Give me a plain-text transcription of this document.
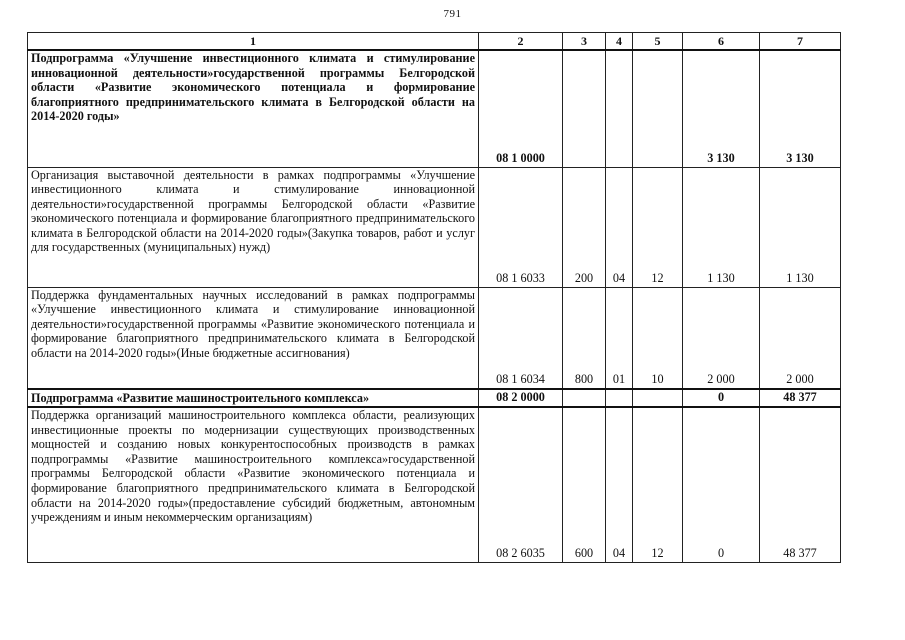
791
1	2	3	4	5	6	7
Подпрограмма «Улучшение инвестиционного климата и стимулирование инновационной деятельности»государственной программы Белгородской области «Развитие экономического потенциала и формирование благоприятного предпринимательского климата в Белгородской области на 2014-2020 годы»	08 1 0000				3 130	3 130
Организация выставочной деятельности в рамках подпрограммы «Улучшение инвестиционного климата и стимулирование инновационной деятельности»государственной программы Белгородской области «Развитие экономического потенциала и формирование благоприятного предпринимательского климата в Белгородской области на 2014-2020 годы»(Закупка товаров, работ и услуг для государственных (муниципальных) нужд)	08 1 6033	200	04	12	1 130	1 130
Поддержка фундаментальных научных исследований в рамках подпрограммы «Улучшение инвестиционного климата и стимулирование инновационной деятельности»государственной программы «Развитие экономического потенциала и формирование благоприятного предпринимательского климата в Белгородской области на 2014-2020 годы»(Иные бюджетные ассигнования)	08 1 6034	800	01	10	2 000	2 000
Подпрограмма «Развитие машиностроительного комплекса»	08 2 0000				0	48 377
Поддержка организаций машиностроительного комплекса области, реализующих инвестиционные проекты по модернизации существующих производственных мощностей и созданию новых конкурентоспособных производств в рамках подпрограммы «Развитие машиностроительного комплекса»государственной программы Белгородской области «Развитие экономического потенциала и формирование благоприятного предпринимательского климата в Белгородской области на 2014-2020 годы»(предоставление субсидий бюджетным, автономным учреждениям и иным некоммерческим организациям)	08 2 6035	600	04	12	0	48 377
